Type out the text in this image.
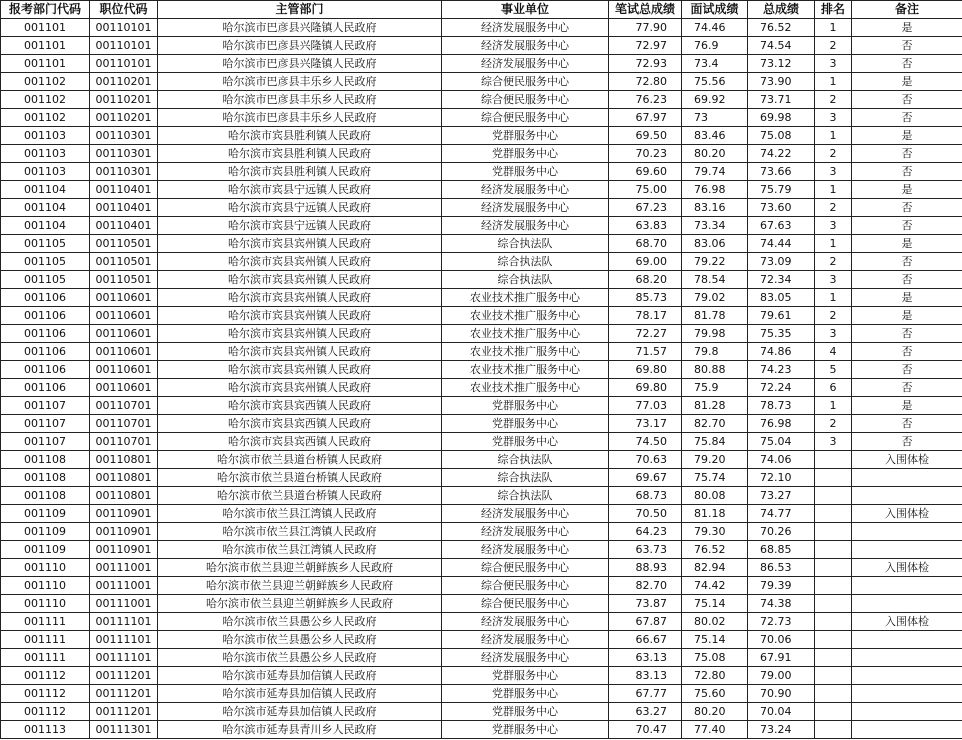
报考部门代码	职位代码	主管部门	事业单位	笔试总成绩	面试成绩	总成绩	排名	备注
001101	00110101	哈尔滨市巴彦县兴隆镇人民政府	经济发展服务中心	77.90	74.46	76.52	1	是
001101	00110101	哈尔滨市巴彦县兴隆镇人民政府	经济发展服务中心	72.97	76.9	74.54	2	否
001101	00110101	哈尔滨市巴彦县兴隆镇人民政府	经济发展服务中心	72.93	73.4	73.12	3	否
001102	00110201	哈尔滨市巴彦县丰乐乡人民政府	综合便民服务中心	72.80	75.56	73.90	1	是
001102	00110201	哈尔滨市巴彦县丰乐乡人民政府	综合便民服务中心	76.23	69.92	73.71	2	否
001102	00110201	哈尔滨市巴彦县丰乐乡人民政府	综合便民服务中心	67.97	73	69.98	3	否
001103	00110301	哈尔滨市宾县胜利镇人民政府	党群服务中心	69.50	83.46	75.08	1	是
001103	00110301	哈尔滨市宾县胜利镇人民政府	党群服务中心	70.23	80.20	74.22	2	否
001103	00110301	哈尔滨市宾县胜利镇人民政府	党群服务中心	69.60	79.74	73.66	3	否
001104	00110401	哈尔滨市宾县宁远镇人民政府	经济发展服务中心	75.00	76.98	75.79	1	是
001104	00110401	哈尔滨市宾县宁远镇人民政府	经济发展服务中心	67.23	83.16	73.60	2	否
001104	00110401	哈尔滨市宾县宁远镇人民政府	经济发展服务中心	63.83	73.34	67.63	3	否
001105	00110501	哈尔滨市宾县宾州镇人民政府	综合执法队	68.70	83.06	74.44	1	是
001105	00110501	哈尔滨市宾县宾州镇人民政府	综合执法队	69.00	79.22	73.09	2	否
001105	00110501	哈尔滨市宾县宾州镇人民政府	综合执法队	68.20	78.54	72.34	3	否
001106	00110601	哈尔滨市宾县宾州镇人民政府	农业技术推广服务中心	85.73	79.02	83.05	1	是
001106	00110601	哈尔滨市宾县宾州镇人民政府	农业技术推广服务中心	78.17	81.78	79.61	2	是
001106	00110601	哈尔滨市宾县宾州镇人民政府	农业技术推广服务中心	72.27	79.98	75.35	3	否
001106	00110601	哈尔滨市宾县宾州镇人民政府	农业技术推广服务中心	71.57	79.8	74.86	4	否
001106	00110601	哈尔滨市宾县宾州镇人民政府	农业技术推广服务中心	69.80	80.88	74.23	5	否
001106	00110601	哈尔滨市宾县宾州镇人民政府	农业技术推广服务中心	69.80	75.9	72.24	6	否
001107	00110701	哈尔滨市宾县宾西镇人民政府	党群服务中心	77.03	81.28	78.73	1	是
001107	00110701	哈尔滨市宾县宾西镇人民政府	党群服务中心	73.17	82.70	76.98	2	否
001107	00110701	哈尔滨市宾县宾西镇人民政府	党群服务中心	74.50	75.84	75.04	3	否
001108	00110801	哈尔滨市依兰县道台桥镇人民政府	综合执法队	70.63	79.20	74.06		入围体检
001108	00110801	哈尔滨市依兰县道台桥镇人民政府	综合执法队	69.67	75.74	72.10		
001108	00110801	哈尔滨市依兰县道台桥镇人民政府	综合执法队	68.73	80.08	73.27		
001109	00110901	哈尔滨市依兰县江湾镇人民政府	经济发展服务中心	70.50	81.18	74.77		入围体检
001109	00110901	哈尔滨市依兰县江湾镇人民政府	经济发展服务中心	64.23	79.30	70.26		
001109	00110901	哈尔滨市依兰县江湾镇人民政府	经济发展服务中心	63.73	76.52	68.85		
001110	00111001	哈尔滨市依兰县迎兰朝鲜族乡人民政府	综合便民服务中心	88.93	82.94	86.53		入围体检
001110	00111001	哈尔滨市依兰县迎兰朝鲜族乡人民政府	综合便民服务中心	82.70	74.42	79.39		
001110	00111001	哈尔滨市依兰县迎兰朝鲜族乡人民政府	综合便民服务中心	73.87	75.14	74.38		
001111	00111101	哈尔滨市依兰县愚公乡人民政府	经济发展服务中心	67.87	80.02	72.73		入围体检
001111	00111101	哈尔滨市依兰县愚公乡人民政府	经济发展服务中心	66.67	75.14	70.06		
001111	00111101	哈尔滨市依兰县愚公乡人民政府	经济发展服务中心	63.13	75.08	67.91		
001112	00111201	哈尔滨市延寿县加信镇人民政府	党群服务中心	83.13	72.80	79.00		
001112	00111201	哈尔滨市延寿县加信镇人民政府	党群服务中心	67.77	75.60	70.90		
001112	00111201	哈尔滨市延寿县加信镇人民政府	党群服务中心	63.27	80.20	70.04		
001113	00111301	哈尔滨市延寿县青川乡人民政府	党群服务中心	70.47	77.40	73.24		
